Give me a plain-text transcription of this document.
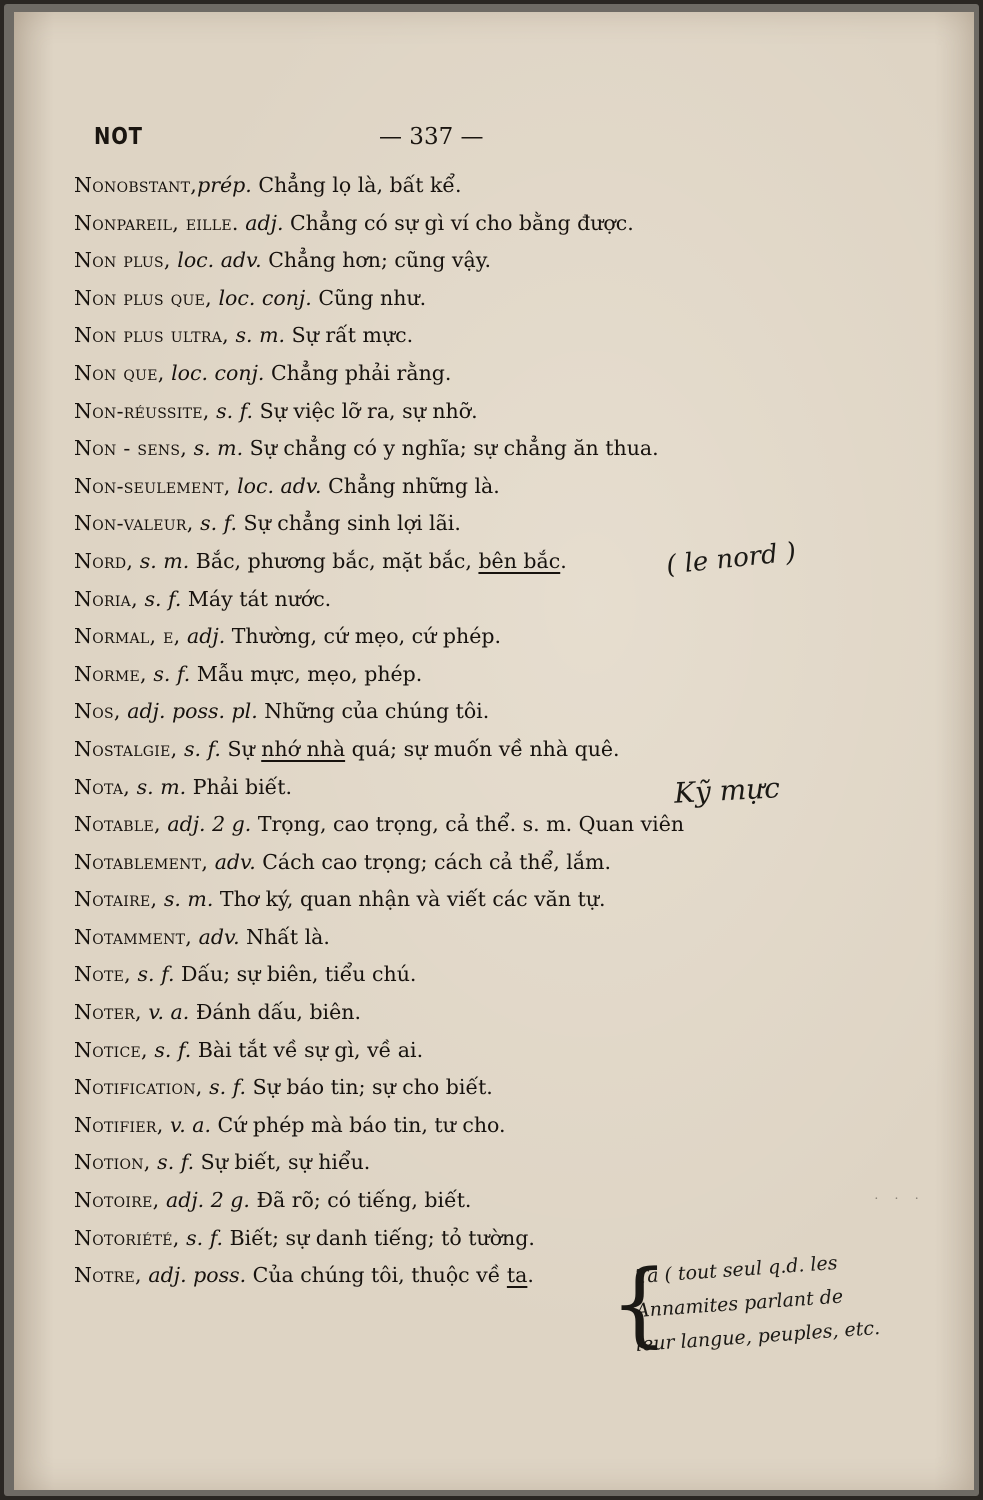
NOT	— 337 —
Nonobstant,prép. Chẳng lọ là, bất kể.
Nonpareil, eille. adj. Chẳng có sự gì ví cho bằng được.
Non plus, loc. adv. Chẳng hơn; cũng vậy.
Non plus que, loc. conj. Cũng như.
Non plus ultra, s. m. Sự rất mực.
Non que, loc. conj. Chẳng phải rằng.
Non-réussite, s. f. Sự việc lỡ ra, sự nhỡ.
Non - sens, s. m. Sự chẳng có y nghĩa; sự chẳng ăn thua.
Non-seulement, loc. adv. Chẳng những là.
Non-valeur, s. f. Sự chẳng sinh lợi lãi.
Nord, s. m. Bắc, phương bắc, mặt bắc, bên bắc.
Noria, s. f. Máy tát nước.
Normal, e, adj. Thường, cứ mẹo, cứ phép.
Norme, s. f. Mẫu mực, mẹo, phép.
Nos, adj. poss. pl. Những của chúng tôi.
Nostalgie, s. f. Sự nhớ nhà quá; sự muốn về nhà quê.
Nota, s. m. Phải biết.
Notable, adj. 2 g. Trọng, cao trọng, cả thể. s. m. Quan viên
Notablement, adv. Cách cao trọng; cách cả thể, lắm.
Notaire, s. m. Thơ ký, quan nhận và viết các văn tự.
Notamment, adv. Nhất là.
Note, s. f. Dấu; sự biên, tiểu chú.
Noter, v. a. Đánh dấu, biên.
Notice, s. f. Bài tắt về sự gì, về ai.
Notification, s. f. Sự báo tin; sự cho biết.
Notifier, v. a. Cứ phép mà báo tin, tư cho.
Notion, s. f. Sự biết, sự hiểu.
Notoire, adj. 2 g. Đã rõ; có tiếng, biết.
Notoriété, s. f. Biết; sự danh tiếng; tỏ tường.
Notre, adj. poss. Của chúng tôi, thuộc về ta.
( le nord )
Kỹ mực
{
Ta ( tout seul q.d. les
Annamites parlant de
leur langue, peuples, etc.
· · ·
